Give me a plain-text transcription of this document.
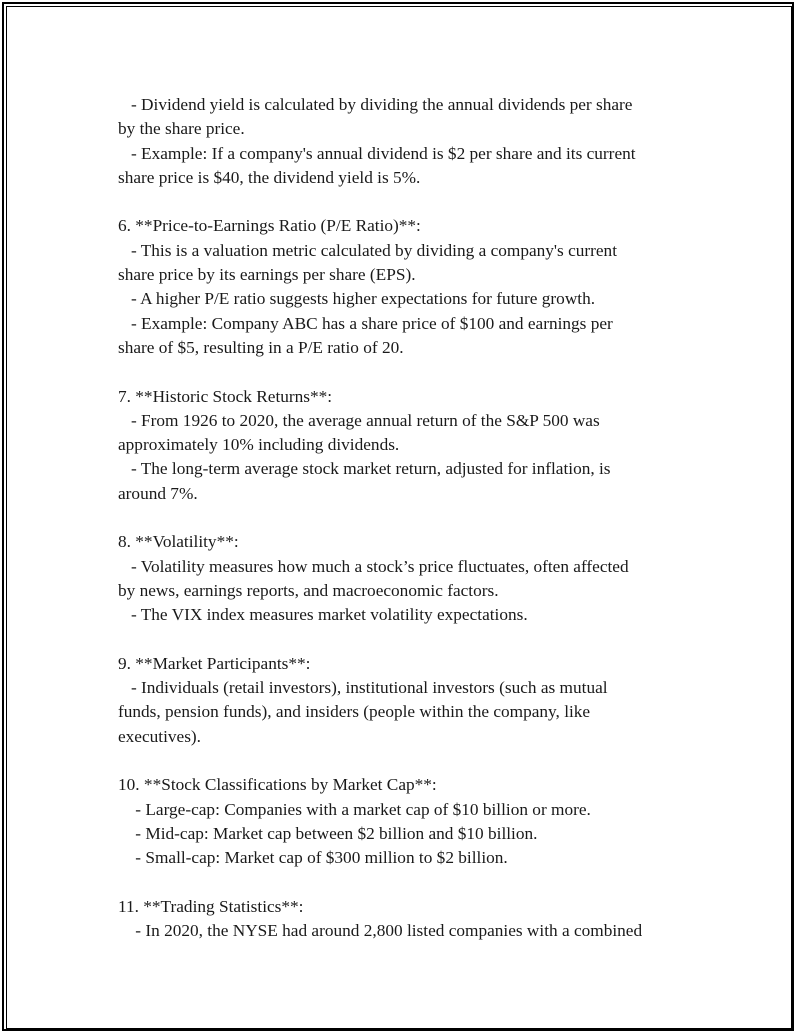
- Dividend yield is calculated by dividing the annual dividends per share
by the share price.
- Example: If a company's annual dividend is $2 per share and its current
share price is $40, the dividend yield is 5%.
6. **Price-to-Earnings Ratio (P/E Ratio)**:
- This is a valuation metric calculated by dividing a company's current
share price by its earnings per share (EPS).
- A higher P/E ratio suggests higher expectations for future growth.
- Example: Company ABC has a share price of $100 and earnings per
share of $5, resulting in a P/E ratio of 20.
7. **Historic Stock Returns**:
- From 1926 to 2020, the average annual return of the S&P 500 was
approximately 10% including dividends.
- The long-term average stock market return, adjusted for inflation, is
around 7%.
8. **Volatility**:
- Volatility measures how much a stock’s price fluctuates, often affected
by news, earnings reports, and macroeconomic factors.
- The VIX index measures market volatility expectations.
9. **Market Participants**:
- Individuals (retail investors), institutional investors (such as mutual
funds, pension funds), and insiders (people within the company, like
executives).
10. **Stock Classifications by Market Cap**:
- Large-cap: Companies with a market cap of $10 billion or more.
- Mid-cap: Market cap between $2 billion and $10 billion.
- Small-cap: Market cap of $300 million to $2 billion.
11. **Trading Statistics**:
- In 2020, the NYSE had around 2,800 listed companies with a combined
